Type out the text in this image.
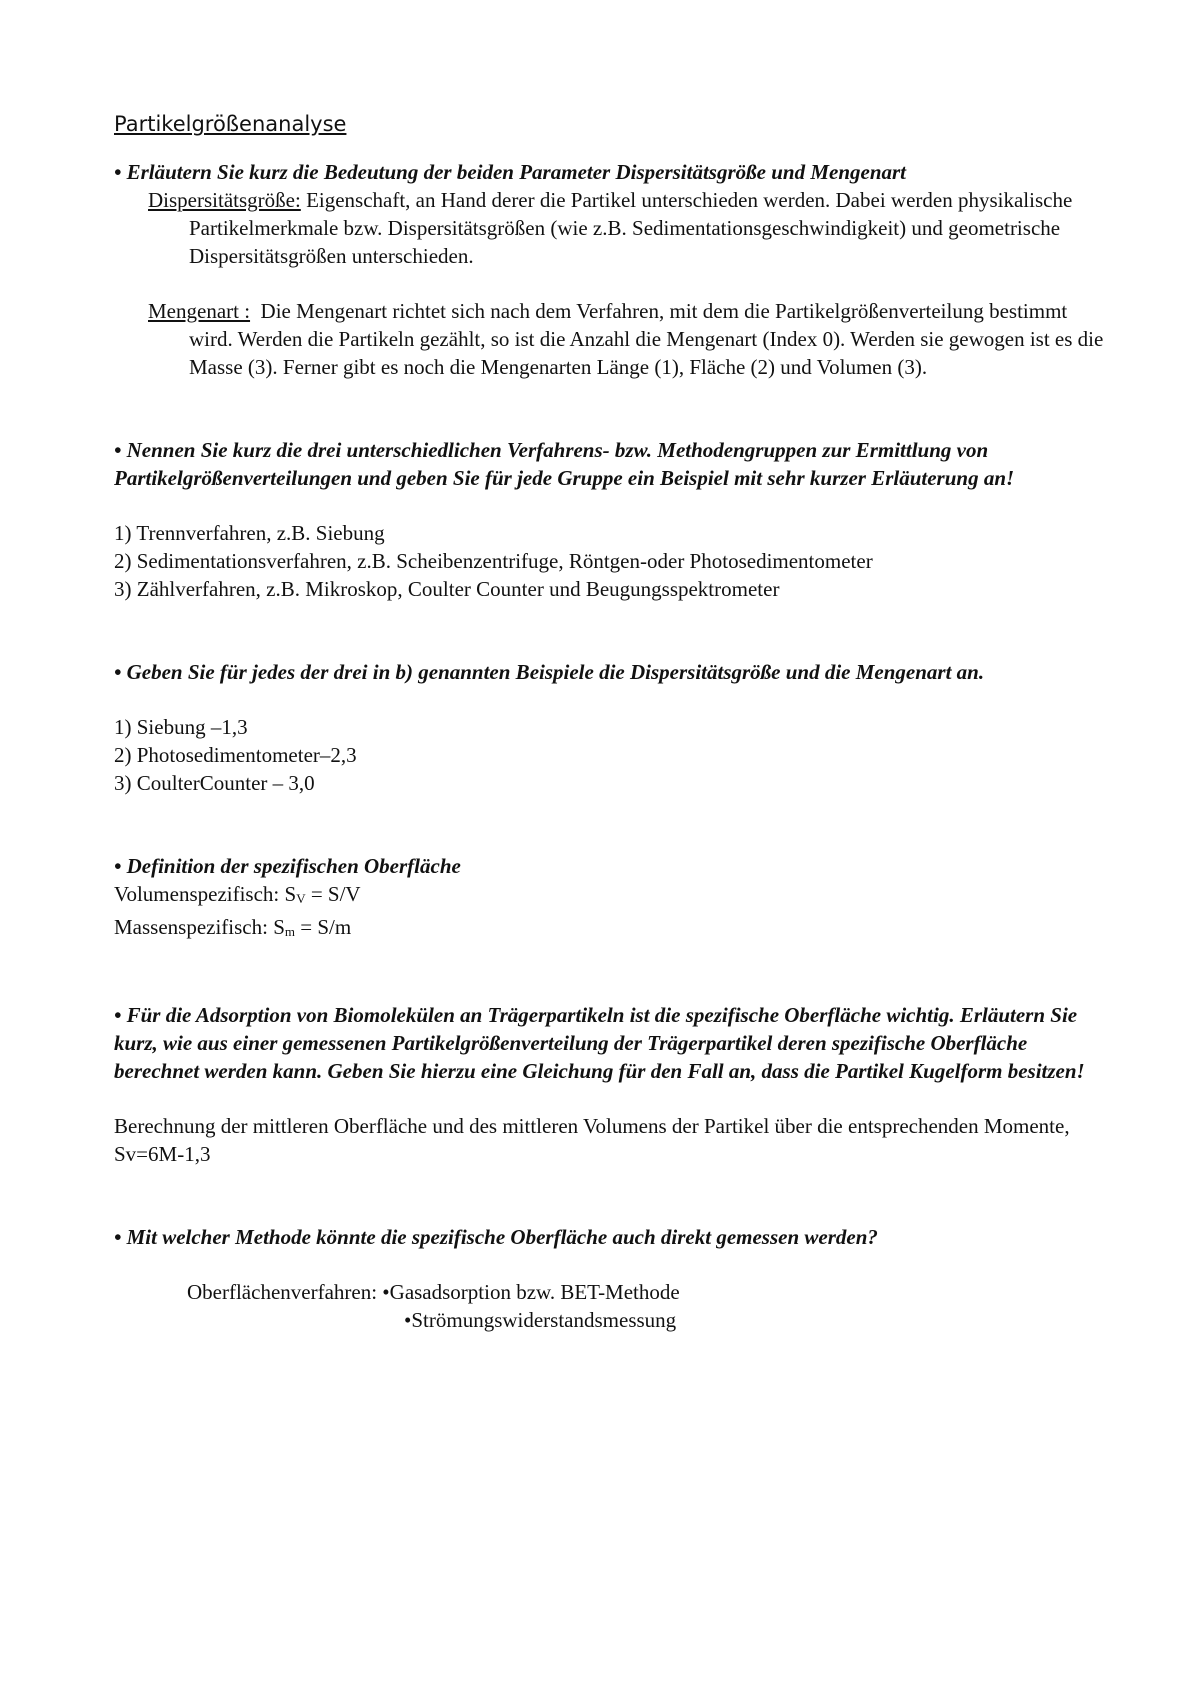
Partikelgrößenanalyse

• Erläutern Sie kurz die Bedeutung der beiden Parameter Dispersitätsgröße und Mengenart

Dispersitätsgröße: Eigenschaft, an Hand derer die Partikel unterschieden werden. Dabei werden physikalische Partikelmerkmale bzw. Dispersitätsgrößen (wie z.B. Sedimentationsgeschwindigkeit) und geometrische Dispersitätsgrößen unterschieden.

Mengenart :  Die Mengenart richtet sich nach dem Verfahren, mit dem die Partikelgrößenverteilung bestimmt wird. Werden die Partikeln gezählt, so ist die Anzahl die Mengenart (Index 0). Werden sie gewogen ist es die Masse (3). Ferner gibt es noch die Mengenarten Länge (1), Fläche (2) und Volumen (3).

• Nennen Sie kurz die drei unterschiedlichen Verfahrens- bzw. Methodengruppen zur Ermittlung von Partikelgrößenverteilungen und geben Sie für jede Gruppe ein Beispiel mit sehr kurzer Erläuterung an!

1) Trennverfahren, z.B. Siebung

2) Sedimentationsverfahren, z.B. Scheibenzentrifuge, Röntgen-oder Photosedimentometer

3) Zählverfahren, z.B. Mikroskop, Coulter Counter und Beugungsspektrometer

• Geben Sie für jedes der drei in b) genannten Beispiele die Dispersitätsgröße und die Mengenart an.

1) Siebung –1,3

2) Photosedimentometer–2,3

3) CoulterCounter – 3,0

• Definition der spezifischen Oberfläche

Volumenspezifisch: SV = S/V

Massenspezifisch: Sm = S/m

• Für die Adsorption von Biomolekülen an Trägerpartikeln ist die spezifische Oberfläche wichtig. Erläutern Sie kurz, wie aus einer gemessenen Partikelgrößenverteilung der Trägerpartikel deren spezifische Oberfläche berechnet werden kann. Geben Sie hierzu eine Gleichung für den Fall an, dass die Partikel Kugelform besitzen!

Berechnung der mittleren Oberfläche und des mittleren Volumens der Partikel über die entsprechenden Momente,

Sv=6M-1,3

• Mit welcher Methode könnte die spezifische Oberfläche auch direkt gemessen werden?

Oberflächenverfahren: •Gasadsorption bzw. BET-Methode

•Strömungswiderstandsmessung
